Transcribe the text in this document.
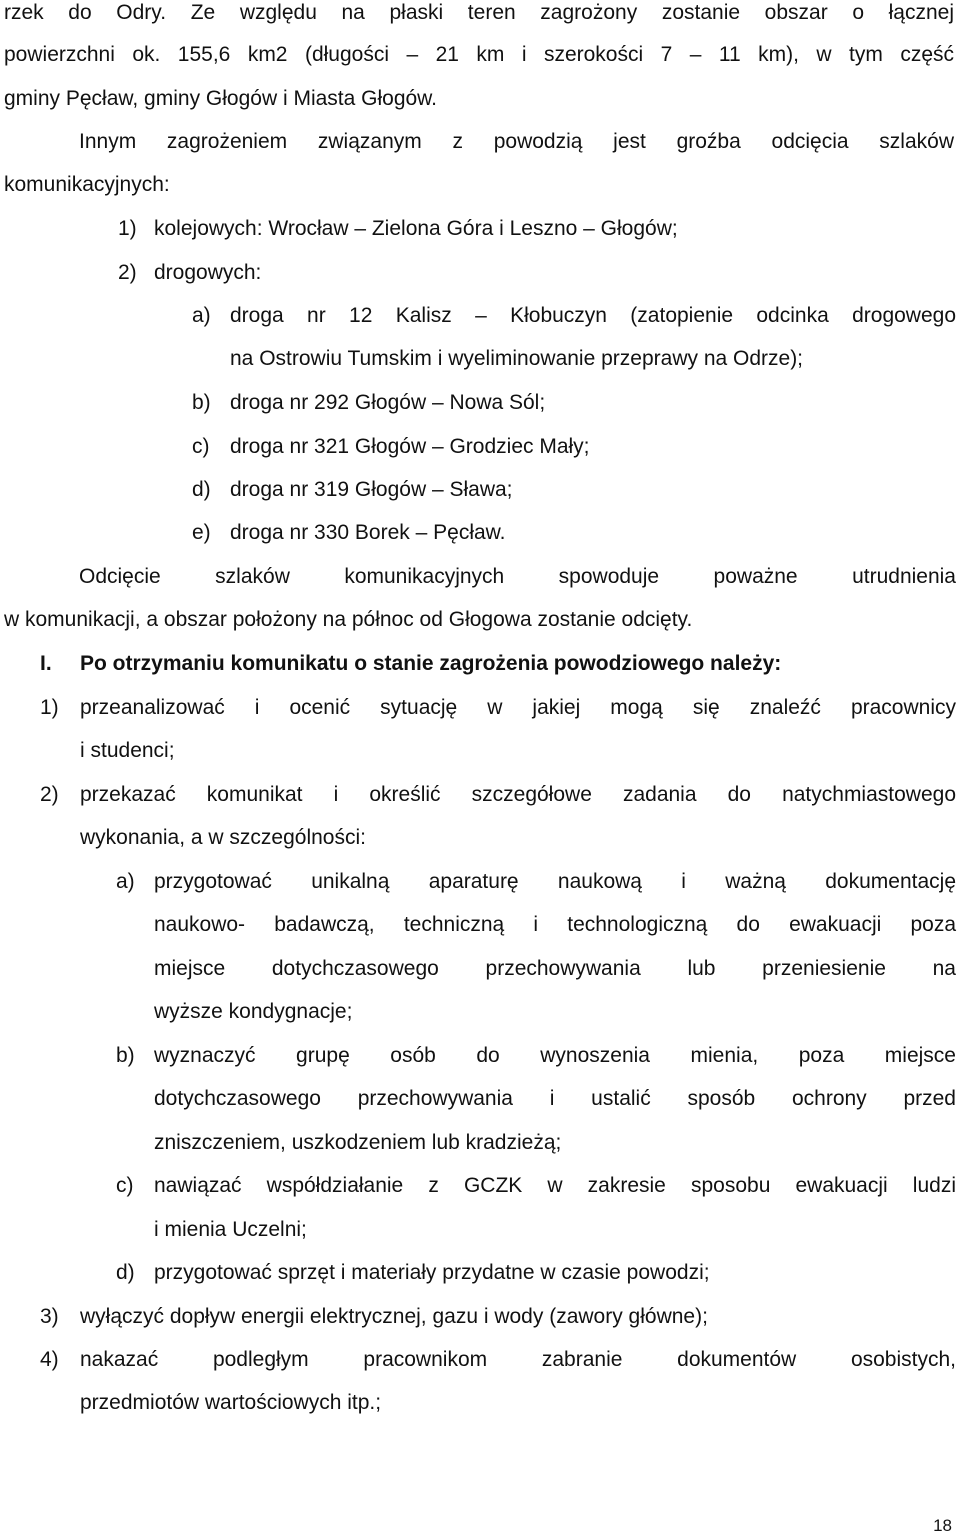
rzek do Odry. Ze względu na płaski teren zagrożony zostanie obszar o łącznej
powierzchni ok. 155,6 km2 (długości – 21 km i szerokości 7 – 11 km), w tym część
gminy Pęcław, gminy Głogów i Miasta Głogów.
Innym zagrożeniem związanym z powodzią jest groźba odcięcia szlaków
komunikacyjnych:
1) kolejowych: Wrocław – Zielona Góra i Leszno – Głogów;
2) drogowych:
a) droga nr 12 Kalisz – Kłobuczyn (zatopienie odcinka drogowego
na Ostrowiu Tumskim i wyeliminowanie przeprawy na Odrze);
b) droga nr 292 Głogów – Nowa Sól;
c) droga nr 321 Głogów – Grodziec Mały;
d) droga nr 319 Głogów – Sława;
e) droga nr 330 Borek – Pęcław.
Odcięcie szlaków komunikacyjnych spowoduje poważne utrudnienia
w komunikacji, a obszar położony na północ od Głogowa zostanie odcięty.
I. Po otrzymaniu komunikatu o stanie zagrożenia powodziowego należy:
1) przeanalizować i ocenić sytuację w jakiej mogą się znaleźć pracownicy
i studenci;
2) przekazać komunikat i określić szczegółowe zadania do natychmiastowego
wykonania, a w szczególności:
a) przygotować unikalną aparaturę naukową i ważną dokumentację
naukowo- badawczą, techniczną i technologiczną do ewakuacji poza
miejsce dotychczasowego przechowywania lub przeniesienie na
wyższe kondygnacje;
b) wyznaczyć grupę osób do wynoszenia mienia, poza miejsce
dotychczasowego przechowywania i ustalić sposób ochrony przed
zniszczeniem, uszkodzeniem lub kradzieżą;
c) nawiązać współdziałanie z GCZK w zakresie sposobu ewakuacji ludzi
i mienia Uczelni;
d) przygotować sprzęt i materiały przydatne w czasie powodzi;
3) wyłączyć dopływ energii elektrycznej, gazu i wody (zawory główne);
4) nakazać podległym pracownikom zabranie dokumentów osobistych,
przedmiotów wartościowych itp.;
18
